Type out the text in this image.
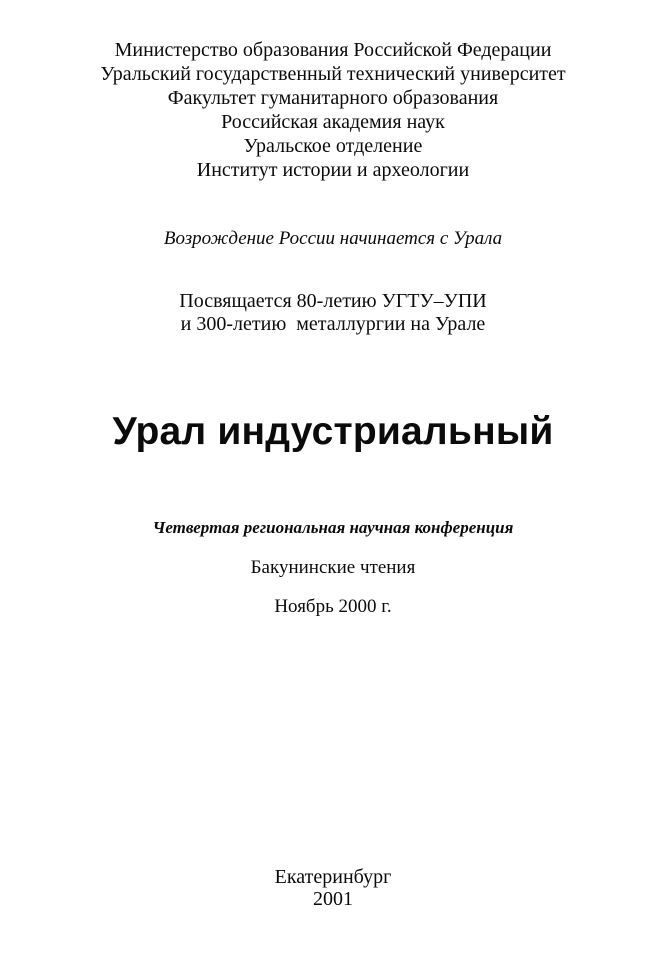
Министерство образования Российской Федерации
Уральский государственный технический университет
Факультет гуманитарного образования
Российская академия наук
Уральское отделение
Институт истории и археологии
Возрождение России начинается с Урала
Посвящается 80-летию УГТУ–УПИ
и 300-летию  металлургии на Урале
Урал индустриальный
Четвертая региональная научная конференция
Бакунинские чтения
Ноябрь 2000 г.
Екатеринбург
2001
